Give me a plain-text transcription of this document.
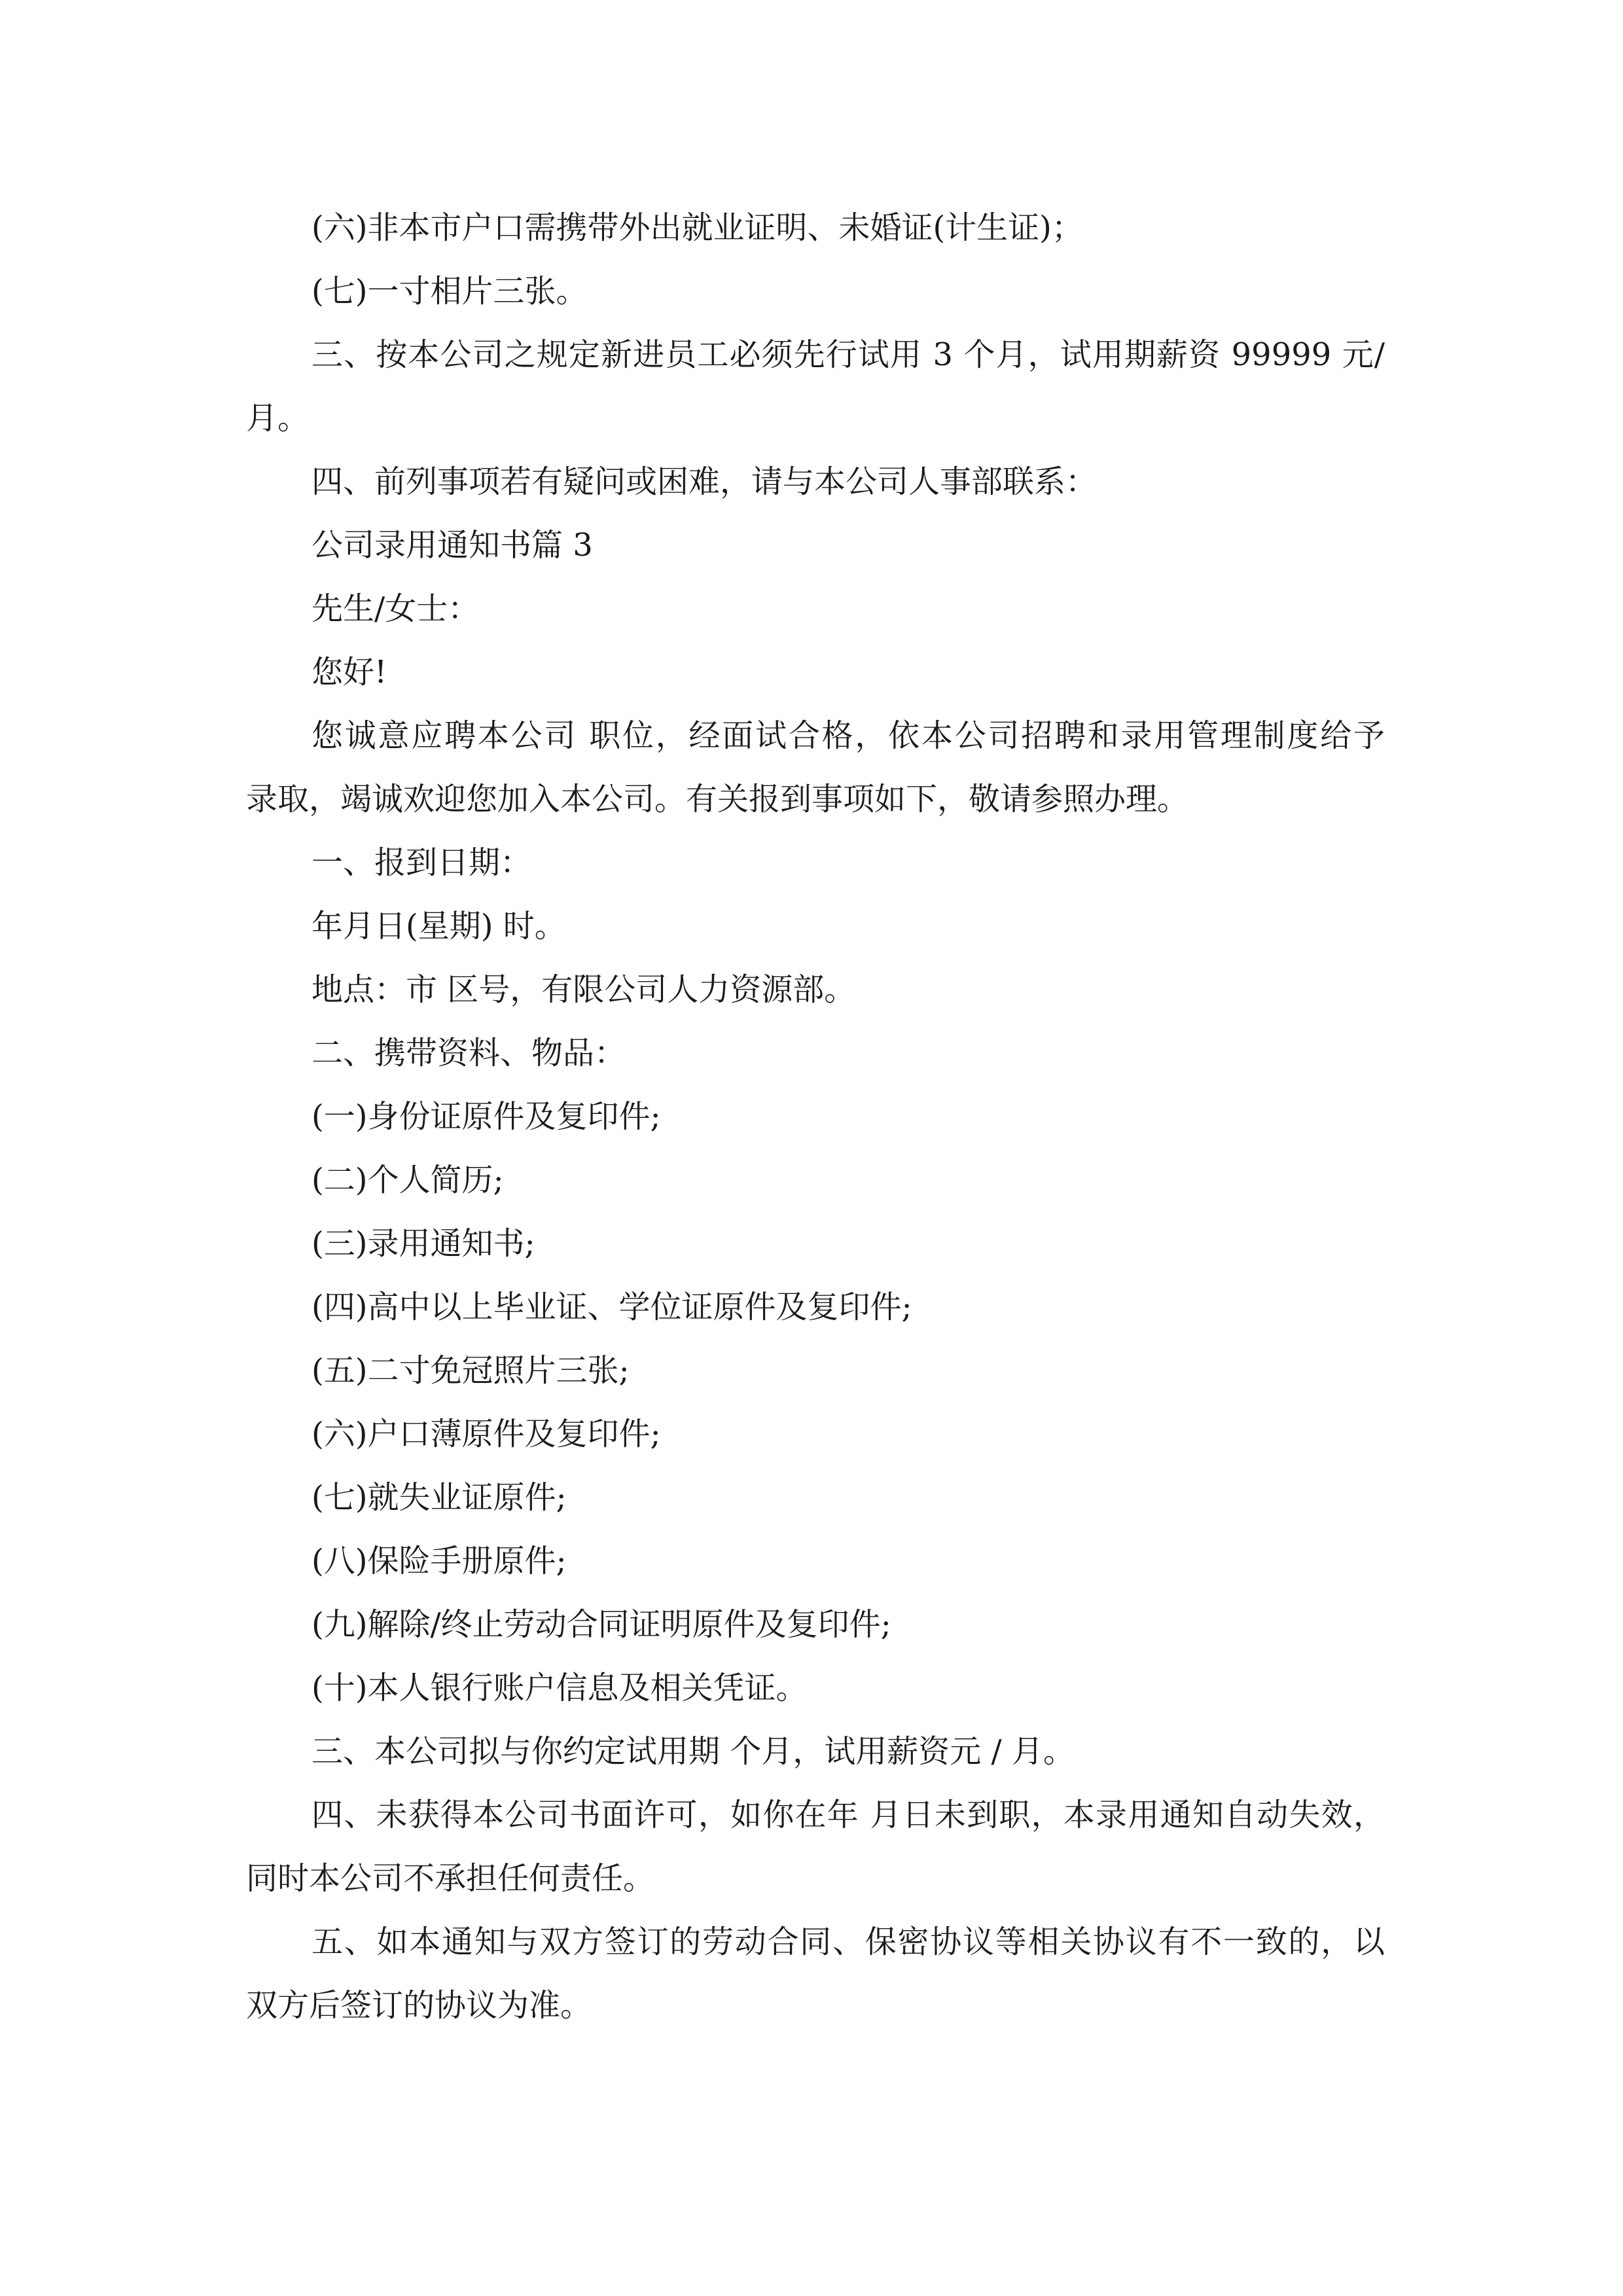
(六)非本市户口需携带外出就业证明、未婚证(计生证)；
(七)一寸相片三张。
三、按本公司之规定新进员工必须先行试用 3 个月，试用期薪资 99999 元/
月。
四、前列事项若有疑问或困难，请与本公司人事部联系：
公司录用通知书篇 3
先生/女士：
您好!
您诚意应聘本公司 职位，经面试合格，依本公司招聘和录用管理制度给予
录取，竭诚欢迎您加入本公司。有关报到事项如下，敬请参照办理。
一、报到日期：
年月日(星期) 时。
地点：市 区号，有限公司人力资源部。
二、携带资料、物品：
(一)身份证原件及复印件;
(二)个人简历;
(三)录用通知书;
(四)高中以上毕业证、学位证原件及复印件;
(五)二寸免冠照片三张;
(六)户口薄原件及复印件;
(七)就失业证原件;
(八)保险手册原件;
(九)解除/终止劳动合同证明原件及复印件;
(十)本人银行账户信息及相关凭证。
三、本公司拟与你约定试用期 个月，试用薪资元 / 月。
四、未获得本公司书面许可，如你在年 月日未到职，本录用通知自动失效，
同时本公司不承担任何责任。
五、如本通知与双方签订的劳动合同、保密协议等相关协议有不一致的，以
双方后签订的协议为准。
